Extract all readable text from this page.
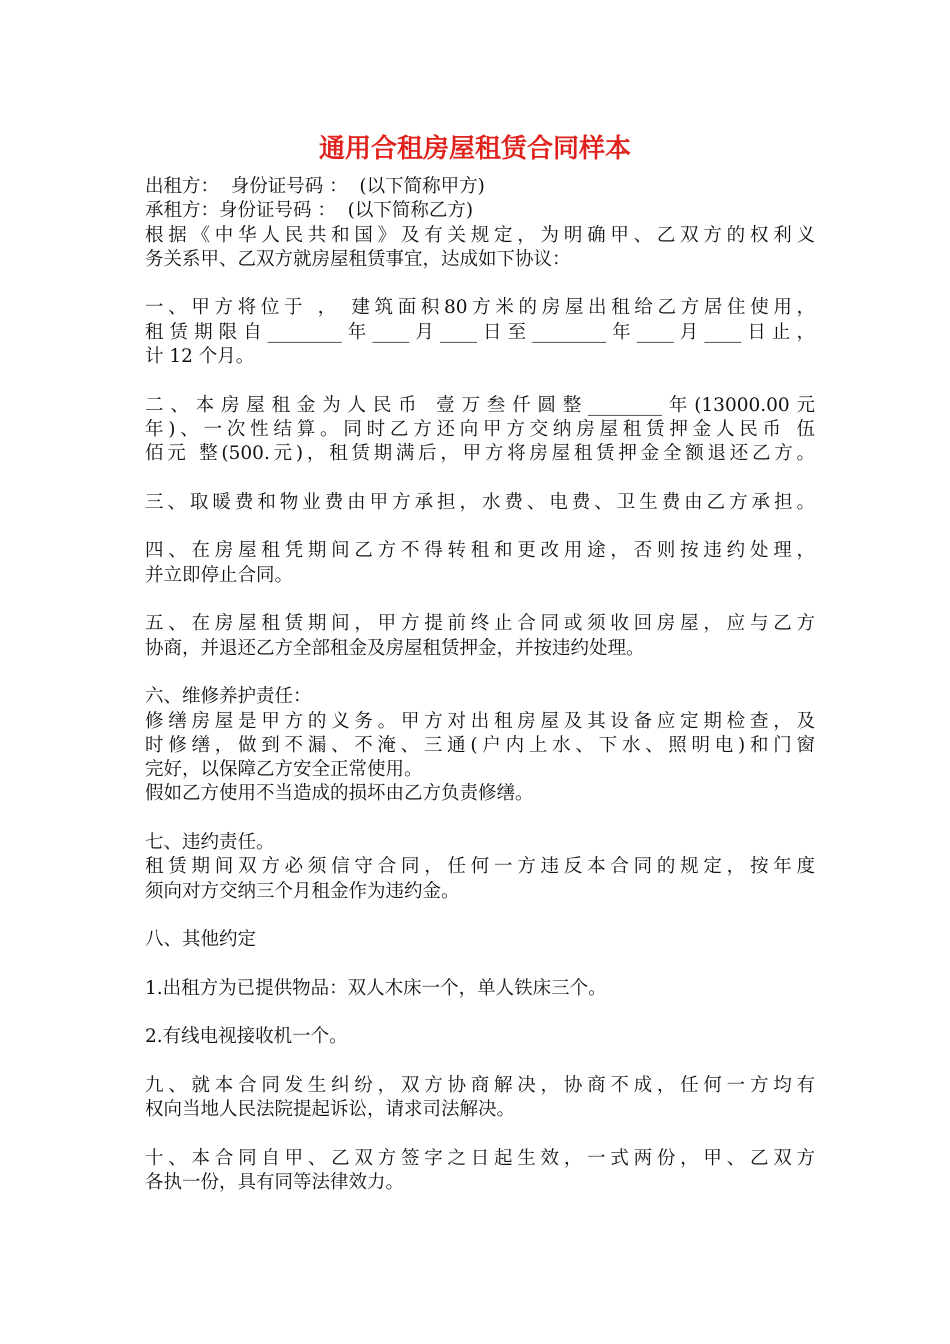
通用合租房屋租赁合同样本
出租方：  身份证号码 ：  (以下简称甲方)
承租方：身份证号码 ：  (以下简称乙方)
根据《中华人民共和国》及有关规定，为明确甲、乙双方的权利义
务关系甲、乙双方就房屋租赁事宜，达成如下协议：
一、甲方将位于 ， 建筑面积80方米的房屋出租给乙方居住使用，
租赁期限自________年____月____日至________年____月____日止，
计 12 个月。
二、本房屋租金为人民币 壹万叁仟圆整________年(13000.00元
年)、一次性结算。同时乙方还向甲方交纳房屋租赁押金人民币 伍
佰元 整(500.元)，租赁期满后，甲方将房屋租赁押金全额退还乙方。
三、取暖费和物业费由甲方承担，水费、电费、卫生费由乙方承担。
四、在房屋租凭期间乙方不得转租和更改用途，否则按违约处理，
并立即停止合同。
五、在房屋租赁期间，甲方提前终止合同或须收回房屋，应与乙方
协商，并退还乙方全部租金及房屋租赁押金，并按违约处理。
六、维修养护责任：
修缮房屋是甲方的义务。甲方对出租房屋及其设备应定期检查，及
时修缮，做到不漏、不淹、三通(户内上水、下水、照明电)和门窗
完好，以保障乙方安全正常使用。
假如乙方使用不当造成的损坏由乙方负责修缮。
七、违约责任。
租赁期间双方必须信守合同，任何一方违反本合同的规定，按年度
须向对方交纳三个月租金作为违约金。
八、其他约定
1.出租方为已提供物品：双人木床一个，单人铁床三个。
2.有线电视接收机一个。
九、就本合同发生纠纷，双方协商解决，协商不成，任何一方均有
权向当地人民法院提起诉讼，请求司法解决。
十、本合同自甲、乙双方签字之日起生效，一式两份，甲、乙双方
各执一份，具有同等法律效力。
